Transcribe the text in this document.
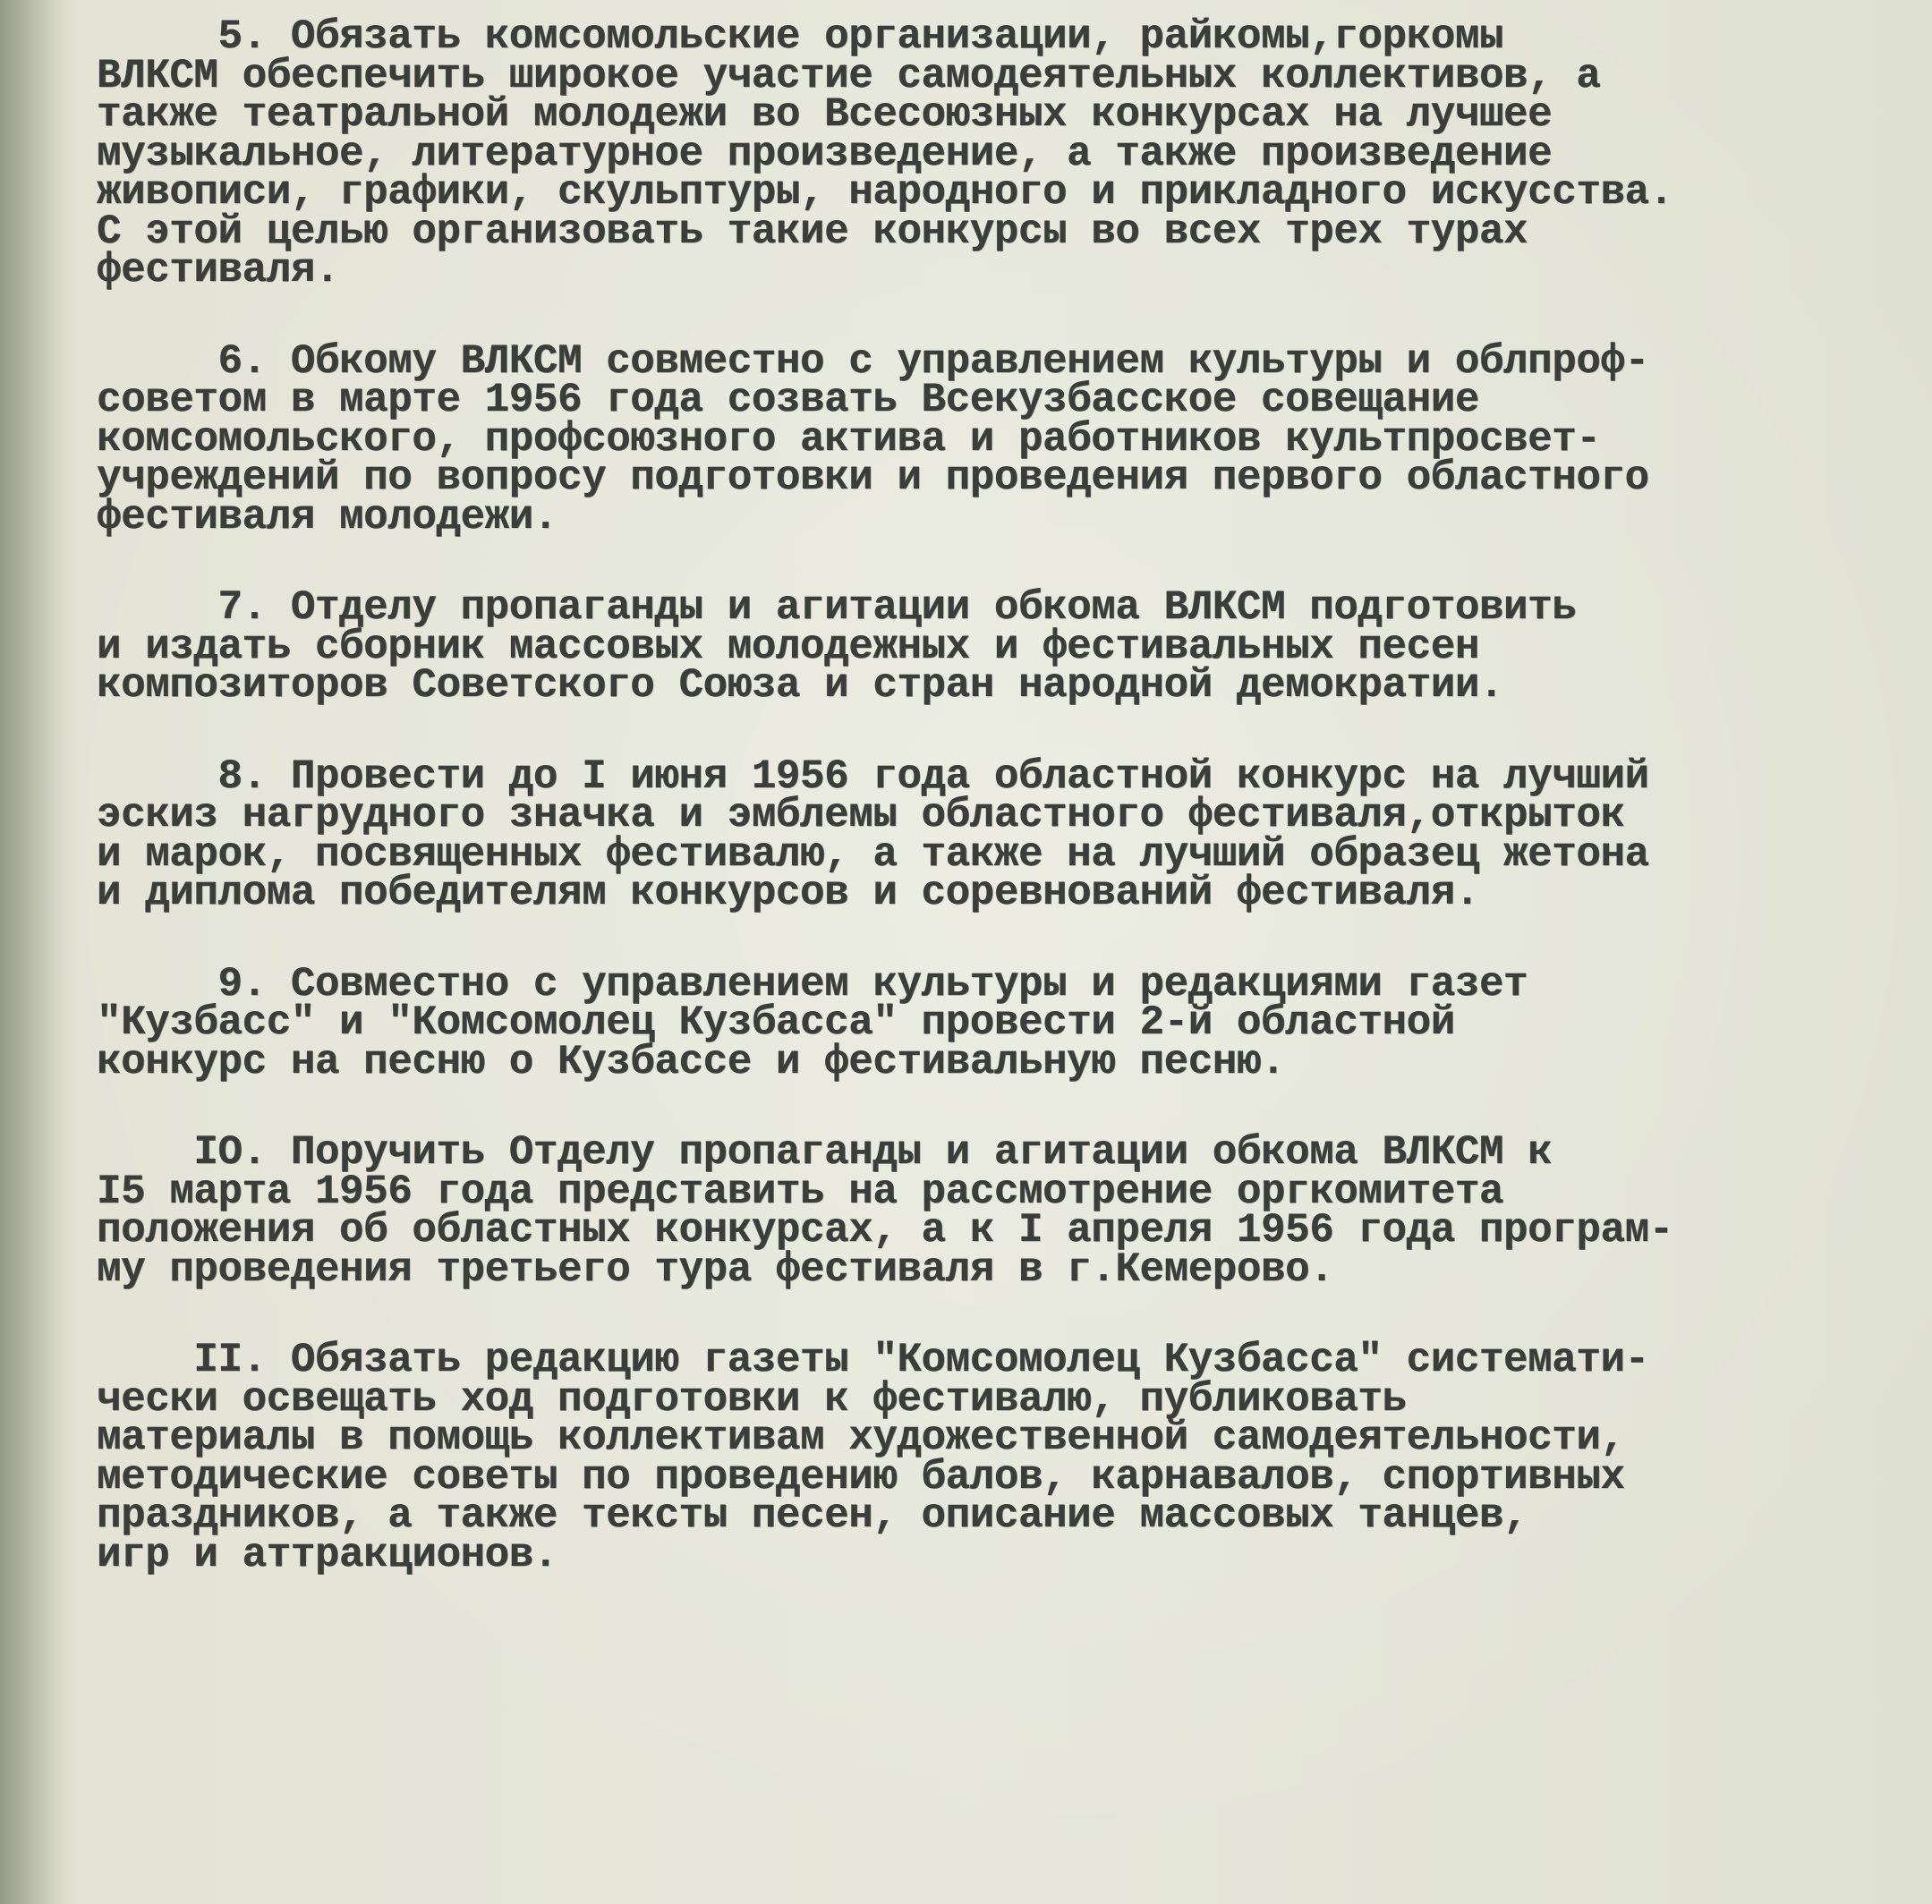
5. Обязать комсомольские организации, райкомы,горкомы
ВЛКСМ обеспечить широкое участие самодеятельных коллективов, а
также театральной молодежи во Всесоюзных конкурсах на лучшее
музыкальное, литературное произведение, а также произведение
живописи, графики, скульптуры, народного и прикладного искусства.
С этой целью организовать такие конкурсы во всех трех турах
фестиваля.
6. Обкому ВЛКСМ совместно с управлением культуры и облпроф-
советом в марте 1956 года созвать Всекузбасское совещание
комсомольского, профсоюзного актива и работников культпросвет-
учреждений по вопросу подготовки и проведения первого областного
фестиваля молодежи.
7. Отделу пропаганды и агитации обкома ВЛКСМ подготовить
и издать сборник массовых молодежных и фестивальных песен
композиторов Советского Союза и стран народной демократии.
8. Провести до I июня 1956 года областной конкурс на лучший
эскиз нагрудного значка и эмблемы областного фестиваля,открыток
и марок, посвященных фестивалю, а также на лучший образец жетона
и диплома победителям конкурсов и соревнований фестиваля.
9. Совместно с управлением культуры и редакциями газет
"Кузбасс" и "Комсомолец Кузбасса" провести 2-й областной
конкурс на песню о Кузбассе и фестивальную песню.
IO. Поручить Отделу пропаганды и агитации обкома ВЛКСМ к
I5 марта 1956 года представить на рассмотрение оргкомитета
положения об областных конкурсах, а к I апреля 1956 года програм-
му проведения третьего тура фестиваля в г.Кемерово.
II. Обязать редакцию газеты "Комсомолец Кузбасса" системати-
чески освещать ход подготовки к фестивалю, публиковать
материалы в помощь коллективам художественной самодеятельности,
методические советы по проведению балов, карнавалов, спортивных
праздников, а также тексты песен, описание массовых танцев,
игр и аттракционов.
